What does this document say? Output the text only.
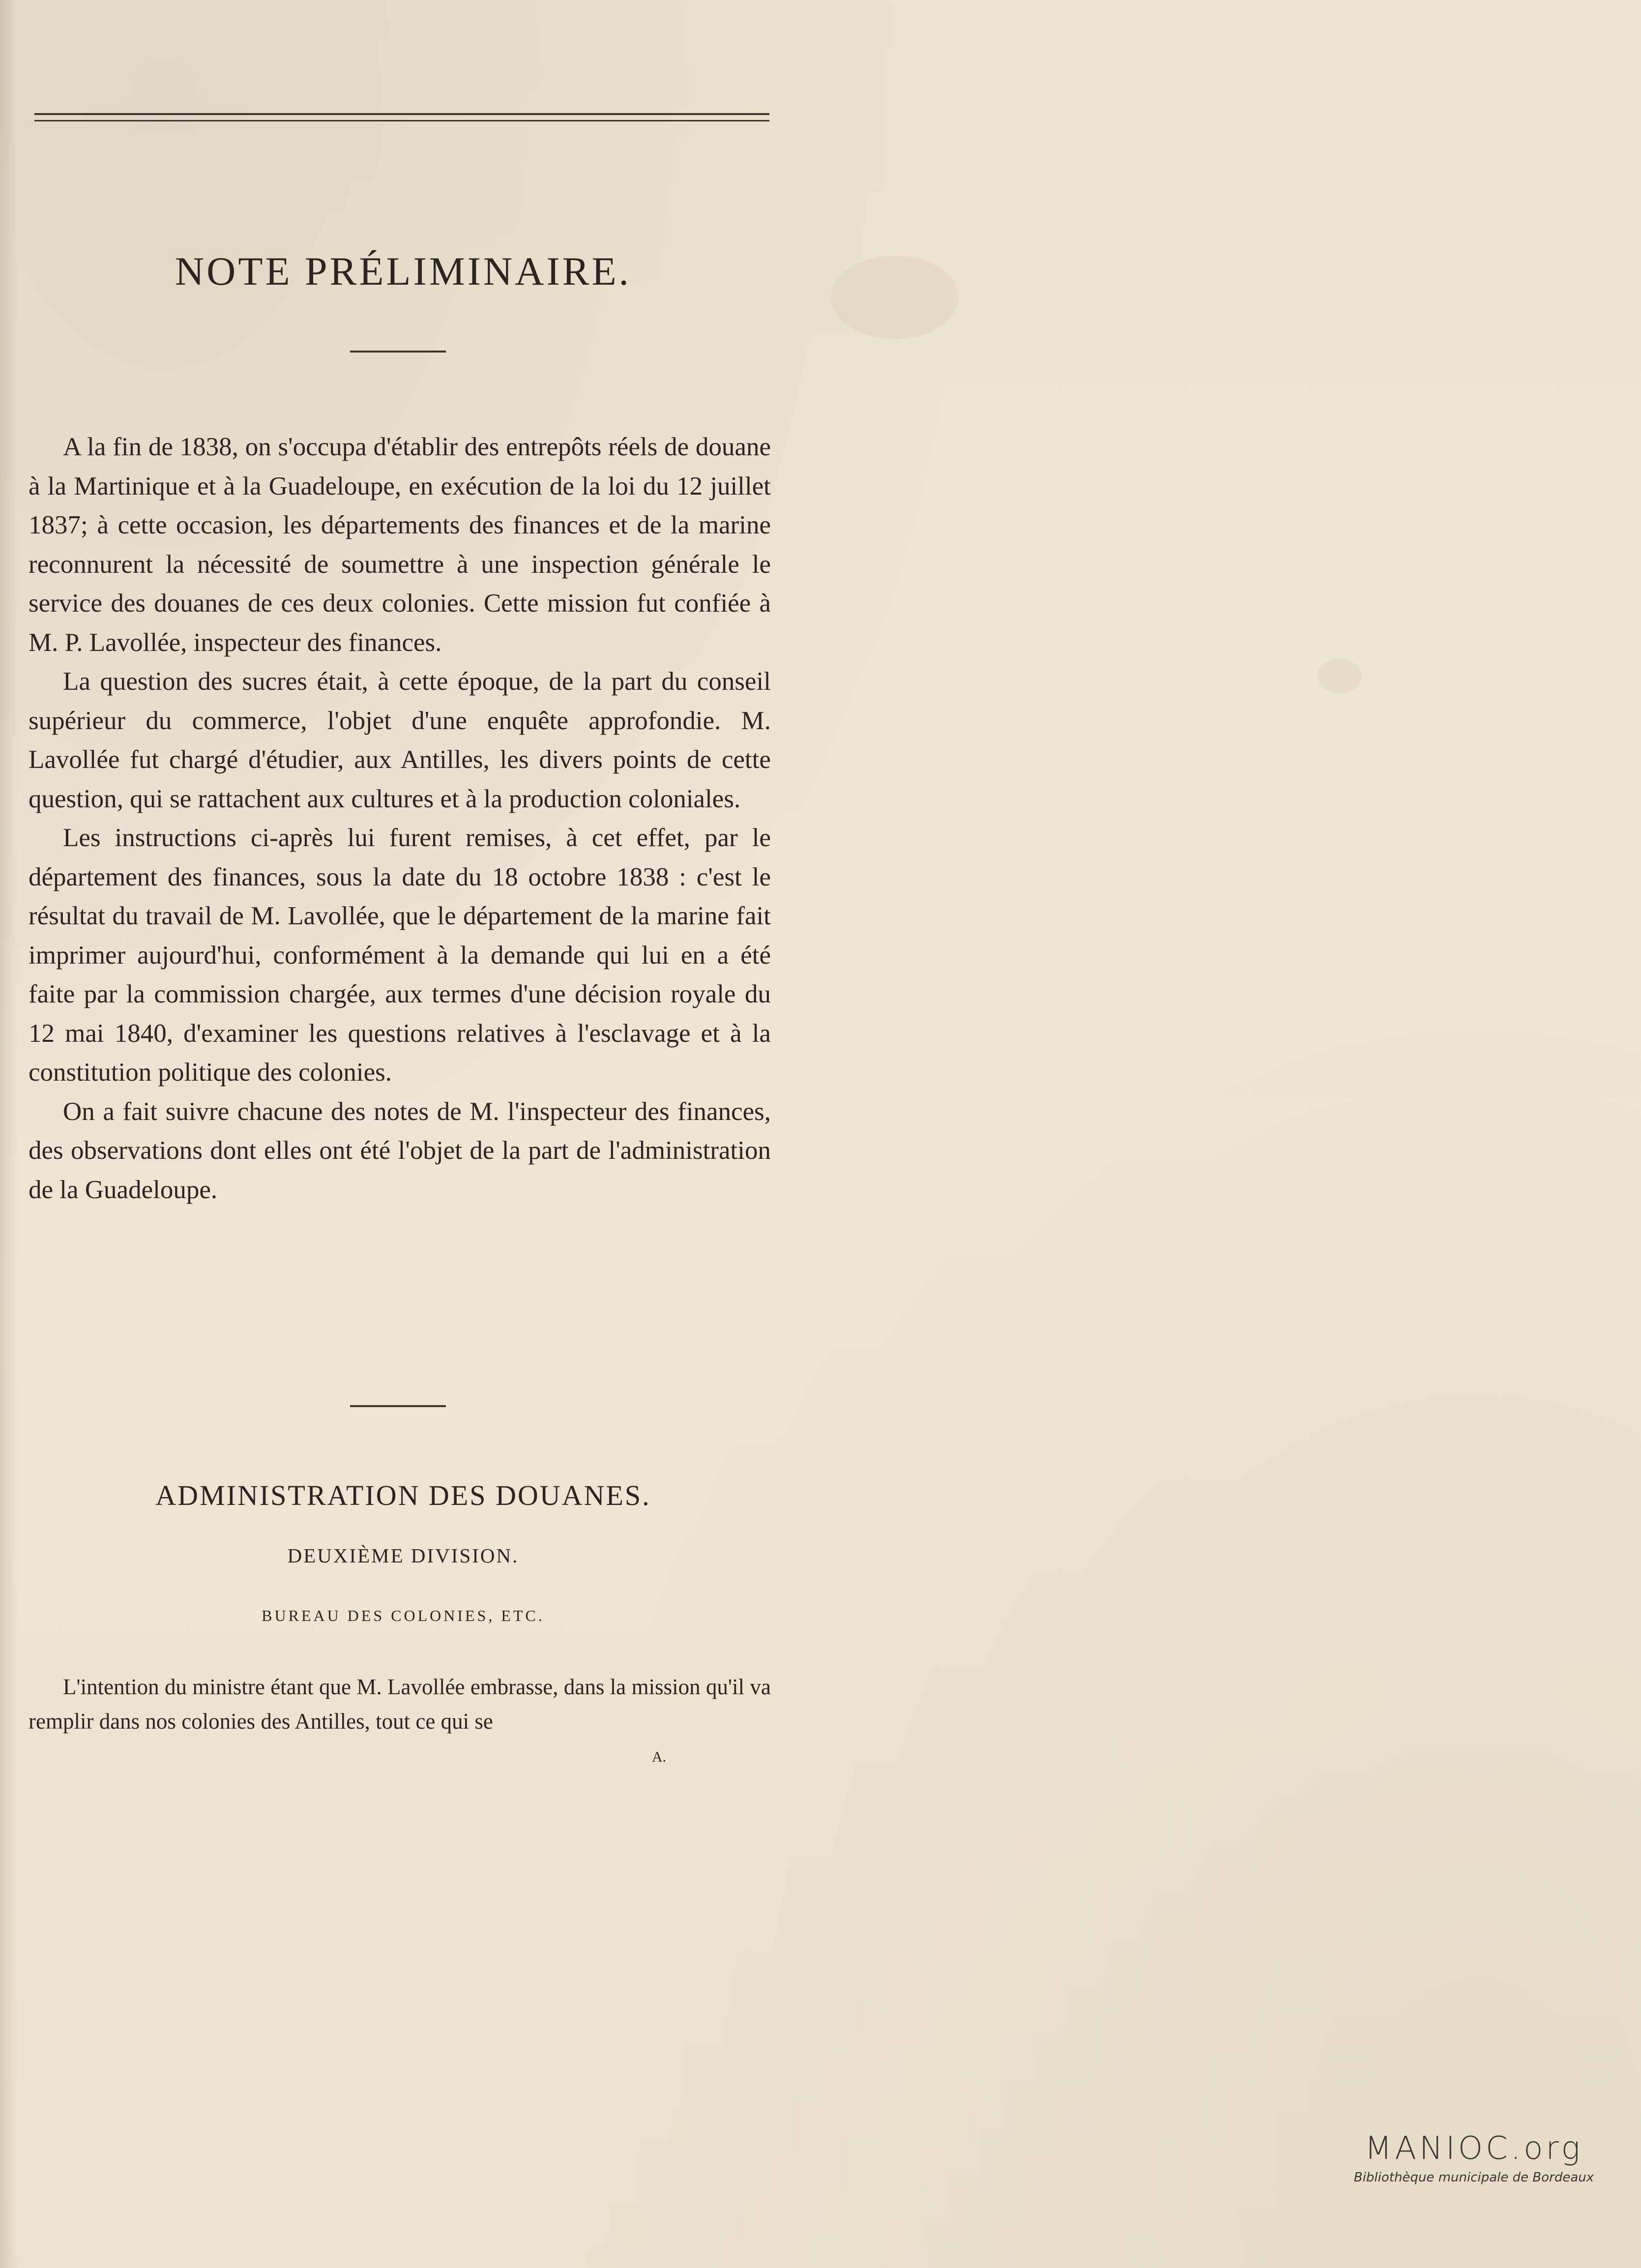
NOTE PRÉLIMINAIRE.

A la fin de 1838, on s'occupa d'établir des entrepôts réels de douane à la Martinique et à la Guadeloupe, en exécution de la loi du 12 juillet 1837; à cette occasion, les départements des finances et de la marine reconnurent la nécessité de soumettre à une inspection générale le service des douanes de ces deux colonies. Cette mission fut confiée à M. P. Lavollée, inspecteur des finances.

La question des sucres était, à cette époque, de la part du conseil supérieur du commerce, l'objet d'une enquête approfondie. M. Lavollée fut chargé d'étudier, aux Antilles, les divers points de cette question, qui se rattachent aux cultures et à la production coloniales.

Les instructions ci-après lui furent remises, à cet effet, par le département des finances, sous la date du 18 octobre 1838 : c'est le résultat du travail de M. Lavollée, que le département de la marine fait imprimer aujourd'hui, conformément à la demande qui lui en a été faite par la commission chargée, aux termes d'une décision royale du 12 mai 1840, d'examiner les questions relatives à l'esclavage et à la constitution politique des colonies.

On a fait suivre chacune des notes de M. l'inspecteur des finances, des observations dont elles ont été l'objet de la part de l'administration de la Guadeloupe.

ADMINISTRATION DES DOUANES.
DEUXIÈME DIVISION.
BUREAU DES COLONIES, ETC.

L'intention du ministre étant que M. Lavollée embrasse, dans la mission qu'il va remplir dans nos colonies des Antilles, tout ce qui se

A.

MANIOC.org
Bibliothèque municipale de Bordeaux
